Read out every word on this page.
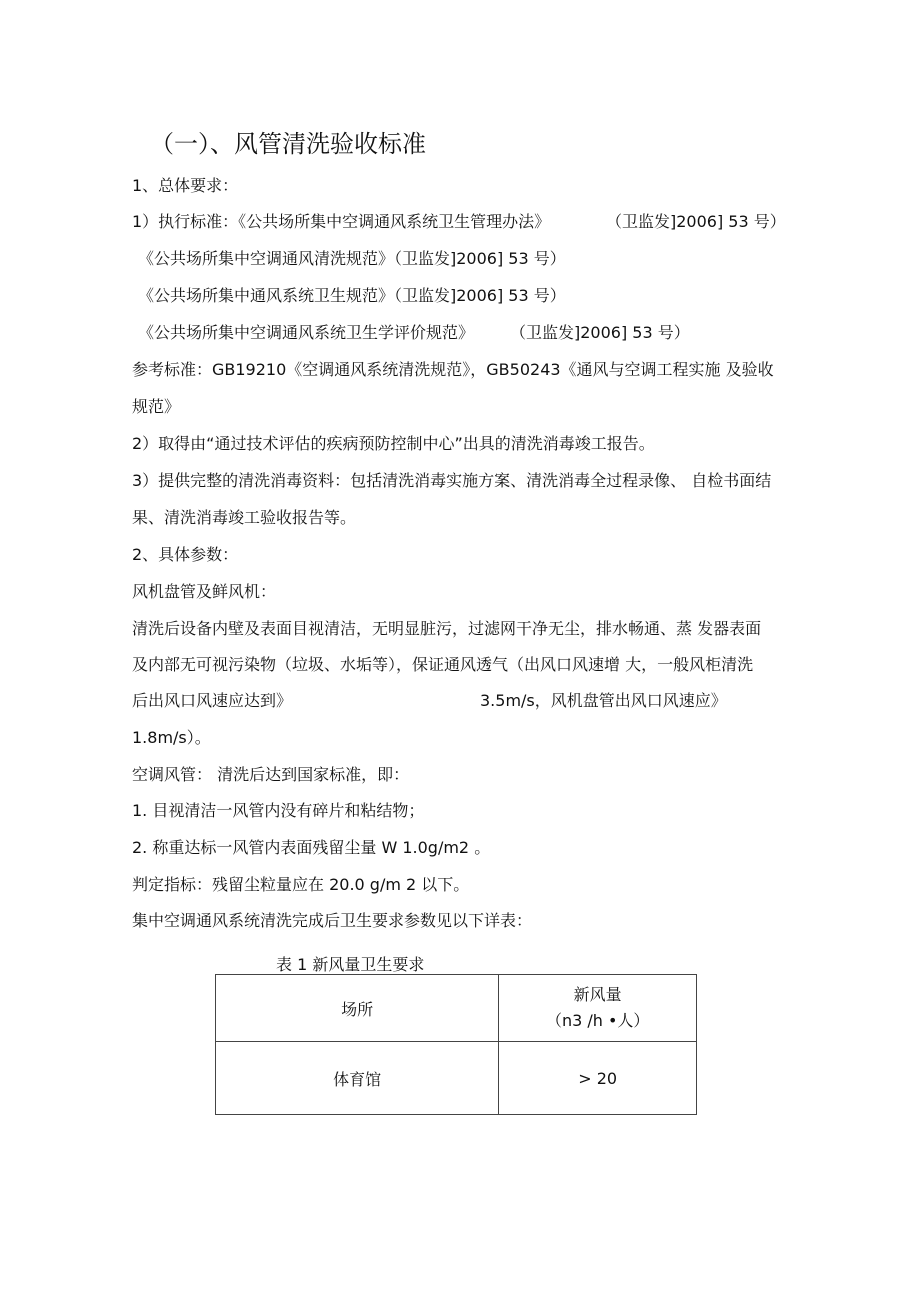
（一）、风管清洗验收标准
1、总体要求：
1）执行标准：《公共场所集中空调通风系统卫生管理办法》	（卫监发]2006] 53 号）
《公共场所集中空调通风清洗规范》（卫监发]2006] 53 号）
《公共场所集中通风系统卫生规范》（卫监发]2006] 53 号）
《公共场所集中空调通风系统卫生学评价规范》 （卫监发]2006] 53 号）
参考标准：GB19210《空调通风系统清洗规范》，GB50243《通风与空调工程实施 及验收
规范》
2）取得由“通过技术评估的疾病预防控制中心”出具的清洗消毒竣工报告。
3）提供完整的清洗消毒资料：包括清洗消毒实施方案、清洗消毒全过程录像、 自检书面结
果、清洗消毒竣工验收报告等。
2、具体参数：
风机盘管及鲜风机：
清洗后设备内壁及表面目视清洁，无明显脏污，过滤网干净无尘，排水畅通、蒸 发器表面
及内部无可视污染物（垃圾、水垢等），保证通风透气（出风口风速增 大，一般风柜清洗
后出风口风速应达到》	3.5m/s，风机盘管出风口风速应》
1.8m/s）。
空调风管： 清洗后达到国家标准，即：
1. 目视清洁一风管内没有碎片和粘结物；
2. 称重达标一风管内表面残留尘量 W 1.0g/m2 。
判定指标：残留尘粒量应在 20.0 g/m 2 以下。
集中空调通风系统清洗完成后卫生要求参数见以下详表：
表 1 新风量卫生要求
场所	新风量
（n3 /h •人）

体育馆	> 20
